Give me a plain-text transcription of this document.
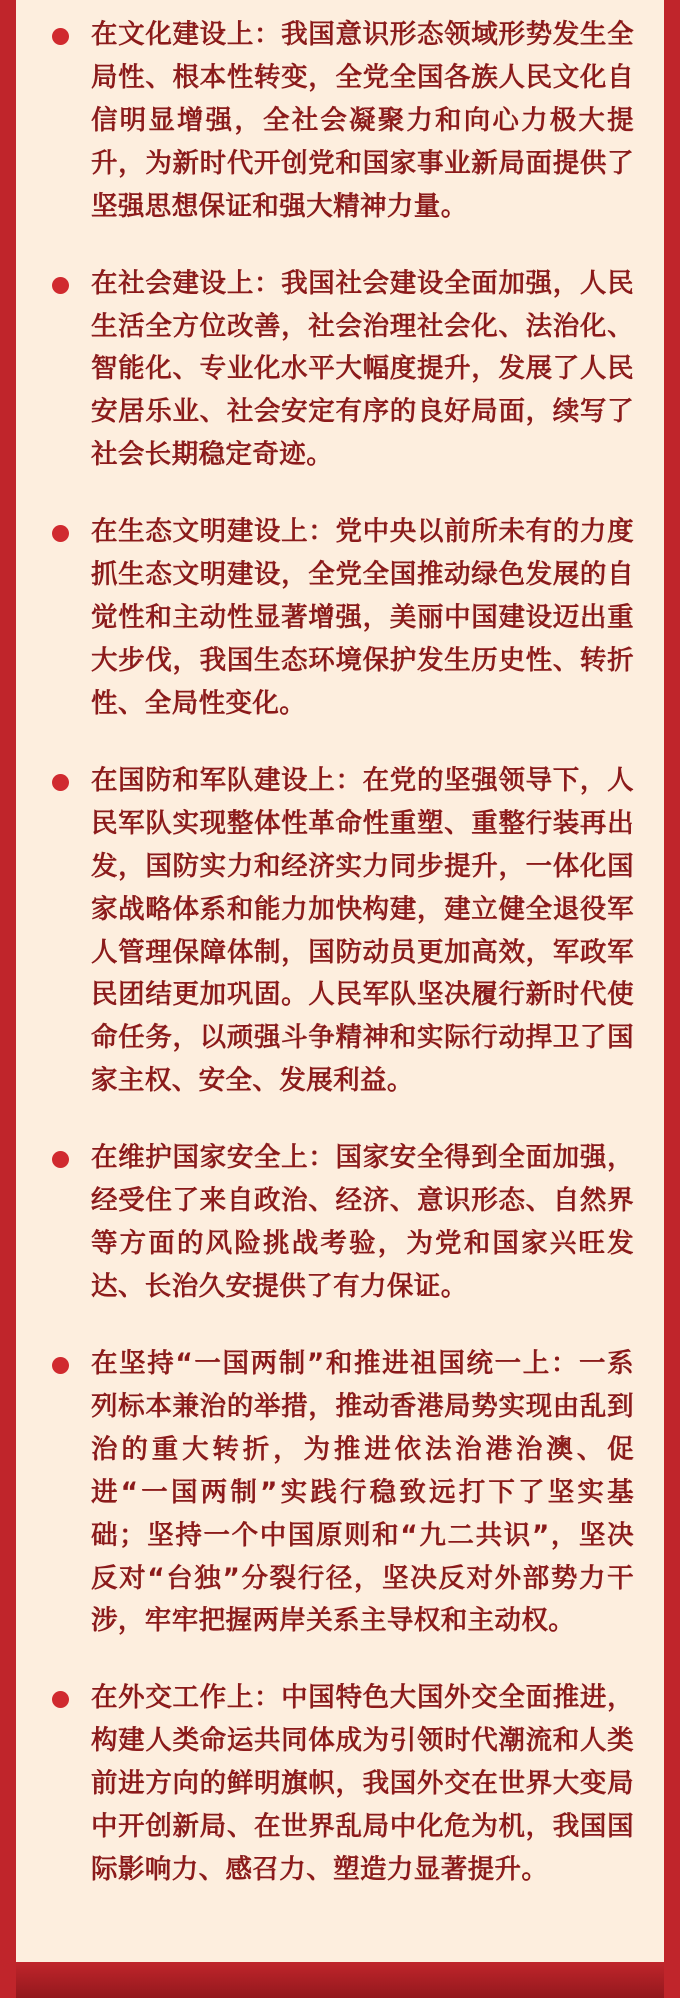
在文化建设上：我国意识形态领域形势发生全局性、根本性转变，全党全国各族人民文化自信明显增强，全社会凝聚力和向心力极大提升，为新时代开创党和国家事业新局面提供了坚强思想保证和强大精神力量。

在社会建设上：我国社会建设全面加强，人民生活全方位改善，社会治理社会化、法治化、智能化、专业化水平大幅度提升，发展了人民安居乐业、社会安定有序的良好局面，续写了社会长期稳定奇迹。

在生态文明建设上：党中央以前所未有的力度抓生态文明建设，全党全国推动绿色发展的自觉性和主动性显著增强，美丽中国建设迈出重大步伐，我国生态环境保护发生历史性、转折性、全局性变化。

在国防和军队建设上：在党的坚强领导下，人民军队实现整体性革命性重塑、重整行装再出发，国防实力和经济实力同步提升，一体化国家战略体系和能力加快构建，建立健全退役军人管理保障体制，国防动员更加高效，军政军民团结更加巩固。人民军队坚决履行新时代使命任务，以顽强斗争精神和实际行动捍卫了国家主权、安全、发展利益。

在维护国家安全上：国家安全得到全面加强，经受住了来自政治、经济、意识形态、自然界等方面的风险挑战考验，为党和国家兴旺发达、长治久安提供了有力保证。

在坚持“一国两制”和推进祖国统一上：一系列标本兼治的举措，推动香港局势实现由乱到治的重大转折，为推进依法治港治澳、促进“一国两制”实践行稳致远打下了坚实基础；坚持一个中国原则和“九二共识”，坚决反对“台独”分裂行径，坚决反对外部势力干涉，牢牢把握两岸关系主导权和主动权。

在外交工作上：中国特色大国外交全面推进，构建人类命运共同体成为引领时代潮流和人类前进方向的鲜明旗帜，我国外交在世界大变局中开创新局、在世界乱局中化危为机，我国国际影响力、感召力、塑造力显著提升。
